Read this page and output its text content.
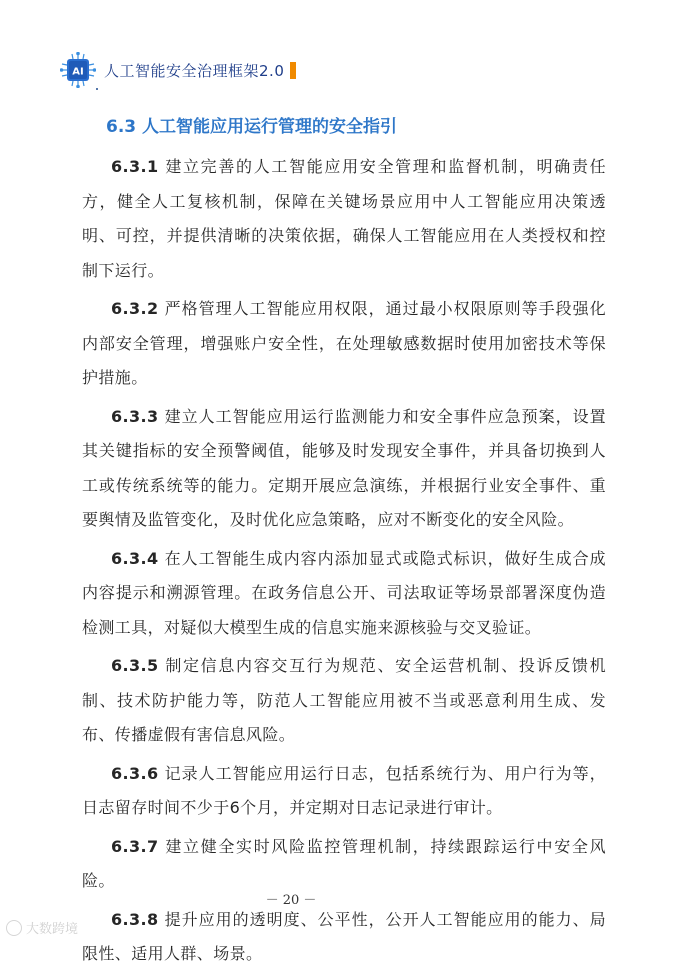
AI 人工智能安全治理框架2.0
6.3 人工智能应用运行管理的安全指引

6.3.1 建立完善的人工智能应用安全管理和监督机制，明确责任方，健全人工复核机制，保障在关键场景应用中人工智能应用决策透明、可控，并提供清晰的决策依据，确保人工智能应用在人类授权和控制下运行。

6.3.2 严格管理人工智能应用权限，通过最小权限原则等手段强化内部安全管理，增强账户安全性，在处理敏感数据时使用加密技术等保护措施。

6.3.3 建立人工智能应用运行监测能力和安全事件应急预案，设置其关键指标的安全预警阈值，能够及时发现安全事件，并具备切换到人工或传统系统等的能力。定期开展应急演练，并根据行业安全事件、重要舆情及监管变化，及时优化应急策略，应对不断变化的安全风险。

6.3.4 在人工智能生成内容内添加显式或隐式标识，做好生成合成内容提示和溯源管理。在政务信息公开、司法取证等场景部署深度伪造检测工具，对疑似大模型生成的信息实施来源核验与交叉验证。

6.3.5 制定信息内容交互行为规范、安全运营机制、投诉反馈机制、技术防护能力等，防范人工智能应用被不当或恶意利用生成、发布、传播虚假有害信息风险。

6.3.6 记录人工智能应用运行日志，包括系统行为、用户行为等，日志留存时间不少于6个月，并定期对日志记录进行审计。

6.3.7 建立健全实时风险监控管理机制，持续跟踪运行中安全风险。

6.3.8 提升应用的透明度、公平性，公开人工智能应用的能力、局限性、适用人群、场景。

－ 20 －
大数跨境
